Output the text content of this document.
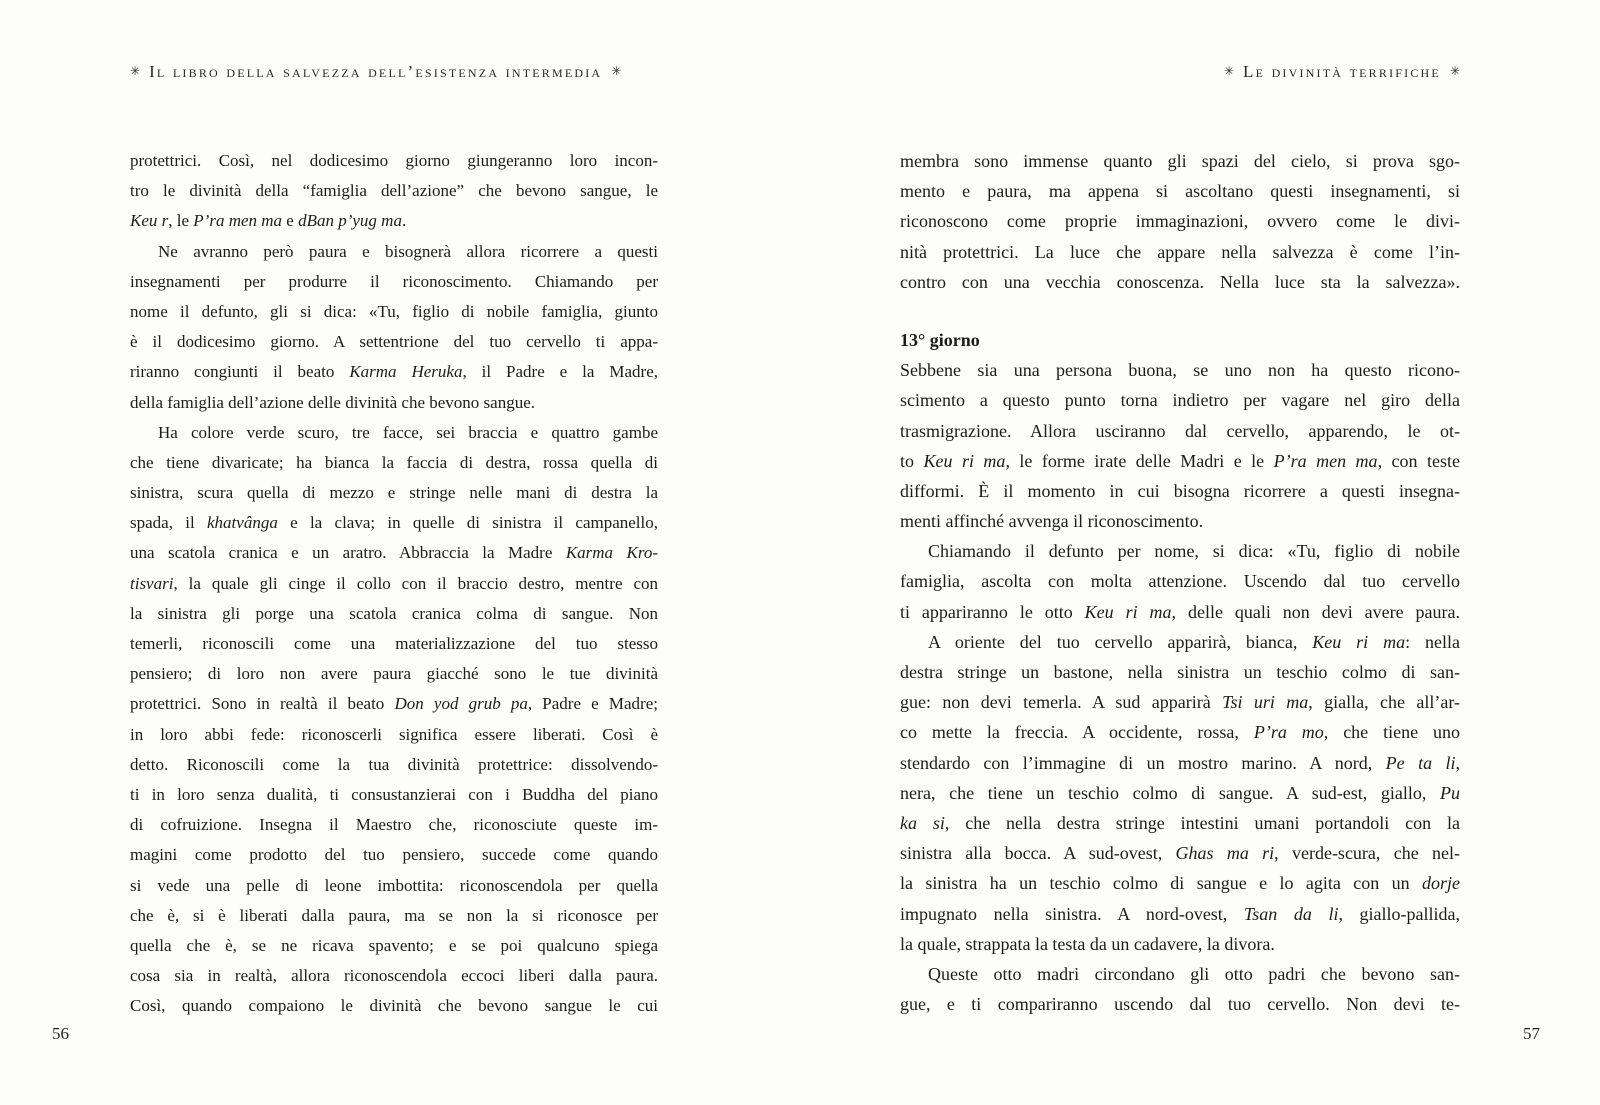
✳ Il libro della salvezza dell’esistenza intermedia ✳
protettrici. Così, nel dodicesimo giorno giungeranno loro incon-
tro le divinità della “famiglia dell’azione” che bevono sangue, le
Keu r, le P’ra men ma e dBan p’yug ma.
Ne avranno però paura e bisognerà allora ricorrere a questi
insegnamenti per produrre il riconoscimento. Chiamando per
nome il defunto, gli si dica: «Tu, figlio di nobile famiglia, giunto
è il dodicesimo giorno. A settentrione del tuo cervello ti appa-
riranno congiunti il beato Karma Heruka, il Padre e la Madre,
della famiglia dell’azione delle divinità che bevono sangue.
Ha colore verde scuro, tre facce, sei braccia e quattro gambe
che tiene divaricate; ha bianca la faccia di destra, rossa quella di
sinistra, scura quella di mezzo e stringe nelle mani di destra la
spada, il khatvânga e la clava; in quelle di sinistra il campanello,
una scatola cranica e un aratro. Abbraccia la Madre Karma Kro-
tisvari, la quale gli cinge il collo con il braccio destro, mentre con
la sinistra gli porge una scatola cranica colma di sangue. Non
temerli, riconoscili come una materializzazione del tuo stesso
pensiero; di loro non avere paura giacché sono le tue divinità
protettrici. Sono in realtà il beato Don yod grub pa, Padre e Madre;
in loro abbi fede: riconoscerli significa essere liberati. Così è
detto. Riconoscili come la tua divinità protettrice: dissolvendo-
ti in loro senza dualità, ti consustanzierai con i Buddha del piano
di cofruizione. Insegna il Maestro che, riconosciute queste im-
magini come prodotto del tuo pensiero, succede come quando
si vede una pelle di leone imbottita: riconoscendola per quella
che è, si è liberati dalla paura, ma se non la si riconosce per
quella che è, se ne ricava spavento; e se poi qualcuno spiega
cosa sia in realtà, allora riconoscendola eccoci liberi dalla paura.
Così, quando compaiono le divinità che bevono sangue le cui
56
✳ Le divinità terrifiche ✳
membra sono immense quanto gli spazi del cielo, si prova sgo-
mento e paura, ma appena si ascoltano questi insegnamenti, si
riconoscono come proprie immaginazioni, ovvero come le divi-
nità protettrici. La luce che appare nella salvezza è come l’in-
contro con una vecchia conoscenza. Nella luce sta la salvezza».
13° giorno
Sebbene sia una persona buona, se uno non ha questo ricono-
scimento a questo punto torna indietro per vagare nel giro della
trasmigrazione. Allora usciranno dal cervello, apparendo, le ot-
to Keu ri ma, le forme irate delle Madri e le P’ra men ma, con teste
difformi. È il momento in cui bisogna ricorrere a questi insegna-
menti affinché avvenga il riconoscimento.
Chiamando il defunto per nome, si dica: «Tu, figlio di nobile
famiglia, ascolta con molta attenzione. Uscendo dal tuo cervello
ti appariranno le otto Keu ri ma, delle quali non devi avere paura.
A oriente del tuo cervello apparirà, bianca, Keu ri ma: nella
destra stringe un bastone, nella sinistra un teschio colmo di san-
gue: non devi temerla. A sud apparirà Tsi uri ma, gialla, che all’ar-
co mette la freccia. A occidente, rossa, P’ra mo, che tiene uno
stendardo con l’immagine di un mostro marino. A nord, Pe ta li,
nera, che tiene un teschio colmo di sangue. A sud-est, giallo, Pu
ka si, che nella destra stringe intestini umani portandoli con la
sinistra alla bocca. A sud-ovest, Ghas ma ri, verde-scura, che nel-
la sinistra ha un teschio colmo di sangue e lo agita con un dorje
impugnato nella sinistra. A nord-ovest, Tsan da li, giallo-pallida,
la quale, strappata la testa da un cadavere, la divora.
Queste otto madri circondano gli otto padri che bevono san-
gue, e ti compariranno uscendo dal tuo cervello. Non devi te-
57
